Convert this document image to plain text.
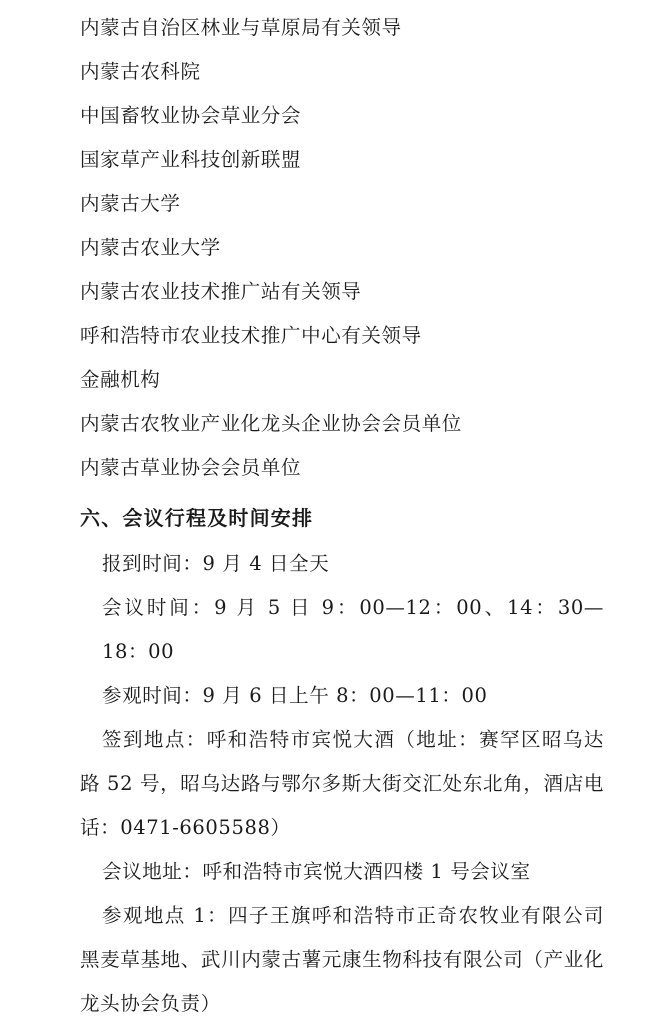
内蒙古自治区林业与草原局有关领导
内蒙古农科院
中国畜牧业协会草业分会
国家草产业科技创新联盟
内蒙古大学
内蒙古农业大学
内蒙古农业技术推广站有关领导
呼和浩特市农业技术推广中心有关领导
金融机构
内蒙古农牧业产业化龙头企业协会会员单位
内蒙古草业协会会员单位
六、会议行程及时间安排
报到时间：9 月 4 日全天
会议时间：9 月 5 日 9：00—12：00、14：30—18：00
参观时间：9 月 6 日上午 8：00—11：00
签到地点：呼和浩特市宾悦大酒（地址：赛罕区昭乌达路 52 号，昭乌达路与鄂尔多斯大街交汇处东北角，酒店电话：0471-6605588）
会议地址：呼和浩特市宾悦大酒四楼 1 号会议室
参观地点 1：四子王旗呼和浩特市正奇农牧业有限公司黑麦草基地、武川内蒙古薯元康生物科技有限公司（产业化龙头协会负责）
